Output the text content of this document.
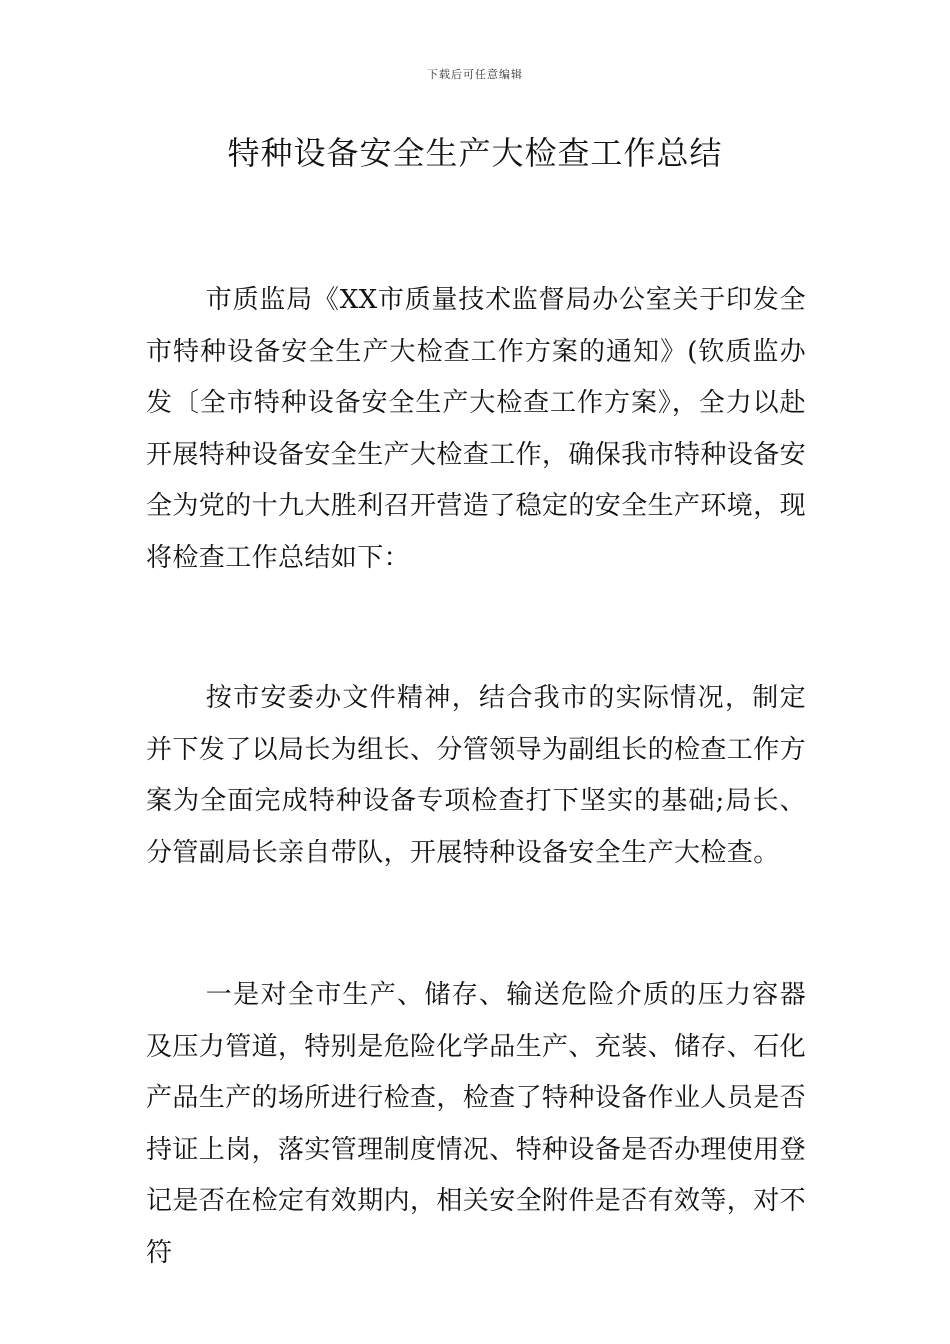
下载后可任意编辑
特种设备安全生产大检查工作总结

市质监局《XX市质量技术监督局办公室关于印发全市特种设备安全生产大检查工作方案的通知》(钦质监办发〔全市特种设备安全生产大检查工作方案》，全力以赴开展特种设备安全生产大检查工作，确保我市特种设备安全为党的十九大胜利召开营造了稳定的安全生产环境，现将检查工作总结如下：

按市安委办文件精神，结合我市的实际情况，制定并下发了以局长为组长、分管领导为副组长的检查工作方案为全面完成特种设备专项检查打下坚实的基础;局长、分管副局长亲自带队，开展特种设备安全生产大检查。

一是对全市生产、储存、输送危险介质的压力容器及压力管道，特别是危险化学品生产、充装、储存、石化产品生产的场所进行检查，检查了特种设备作业人员是否持证上岗，落实管理制度情况、特种设备是否办理使用登记是否在检定有效期内，相关安全附件是否有效等，对不符
